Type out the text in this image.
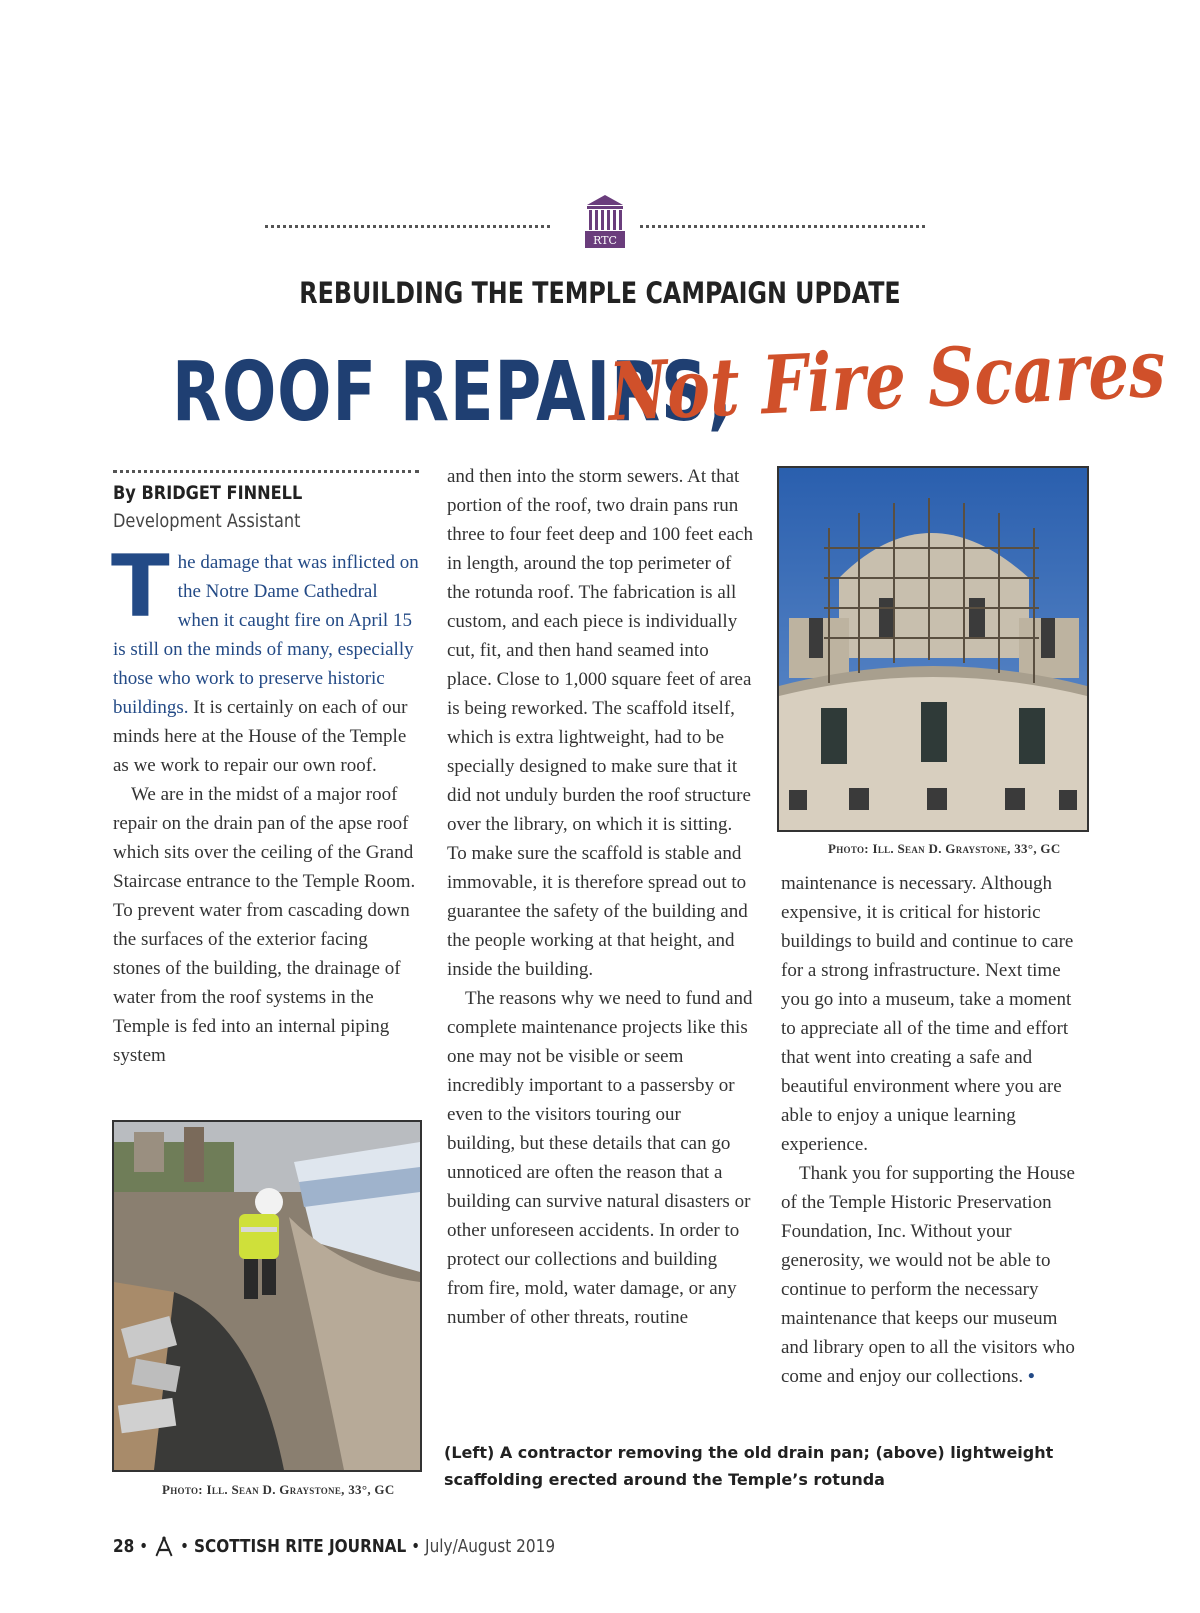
RTC
REBUILDING THE TEMPLE CAMPAIGN UPDATE
ROOF REPAIRS,
Not Fire Scares
By BRIDGET FINNELL
Development Assistant

The damage that was inflicted on the Notre Dame Cathedral when it caught fire on April 15 is still on the minds of many, especially those who work to preserve historic buildings. It is certainly on each of our minds here at the House of the Temple as we work to repair our own roof.

We are in the midst of a major roof repair on the drain pan of the apse roof which sits over the ceiling of the Grand Staircase entrance to the Temple Room. To prevent water from cascading down the surfaces of the exterior facing stones of the building, the drainage of water from the roof systems in the Temple is fed into an internal piping system

Photo: Ill. Sean D. Graystone, 33°, GC

and then into the storm sewers. At that portion of the roof, two drain pans run three to four feet deep and 100 feet each in length, around the top perimeter of the rotunda roof. The fabrication is all custom, and each piece is individually cut, fit, and then hand seamed into place. Close to 1,000 square feet of area is being reworked. The scaffold itself, which is extra lightweight, had to be specially designed to make sure that it did not unduly burden the roof structure over the library, on which it is sitting. To make sure the scaffold is stable and immovable, it is therefore spread out to guarantee the safety of the building and the people working at that height, and inside the building.

The reasons why we need to fund and complete maintenance projects like this one may not be visible or seem incredibly important to a passersby or even to the visitors touring our building, but these details that can go unnoticed are often the reason that a building can survive natural disasters or other unforeseen accidents. In order to protect our collections and building from fire, mold, water damage, or any number of other threats, routine

Photo: Ill. Sean D. Graystone, 33°, GC

maintenance is necessary. Although expensive, it is critical for historic buildings to build and continue to care for a strong infrastructure. Next time you go into a museum, take a moment to appreciate all of the time and effort that went into creating a safe and beautiful environment where you are able to enjoy a unique learning experience.

Thank you for supporting the House of the Temple Historic Preservation Foundation, Inc. Without your generosity, we would not be able to continue to perform the necessary maintenance that keeps our museum and library open to all the visitors who come and enjoy our collections. •

(Left) A contractor removing the old drain pan; (above) lightweight scaffolding erected around the Temple’s rotunda
28 • • SCOTTISH RITE JOURNAL • July/August 2019
